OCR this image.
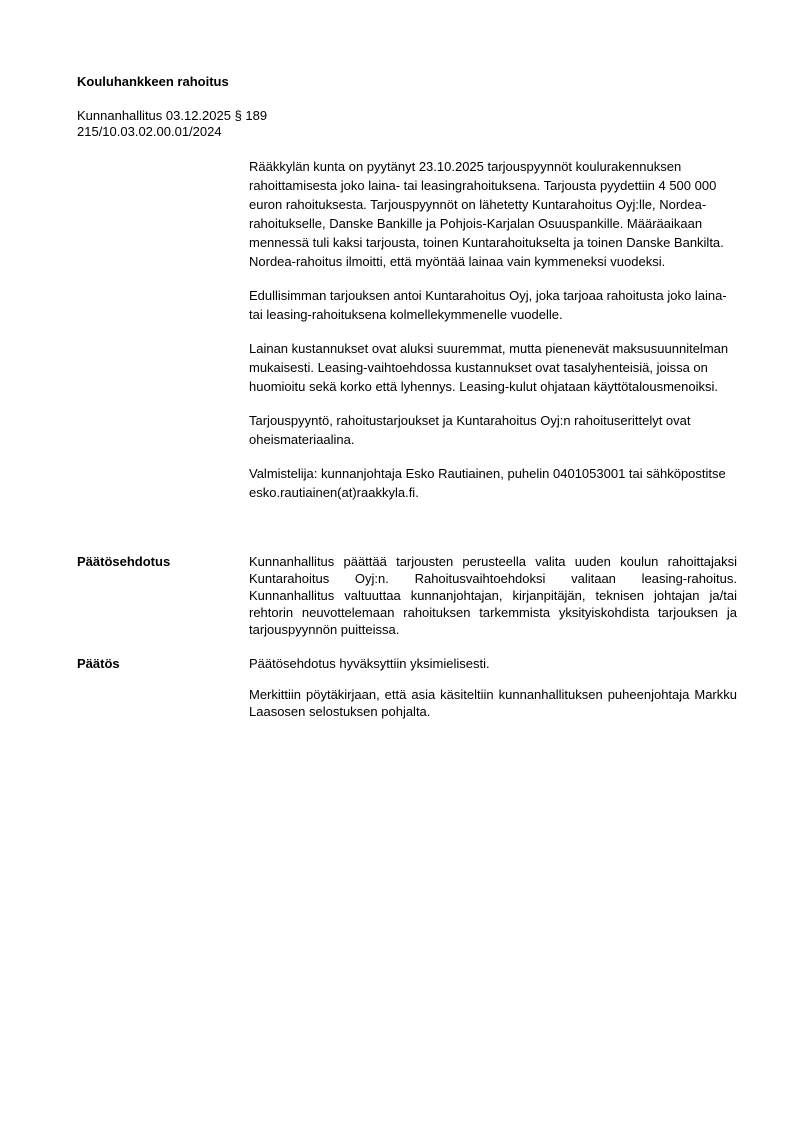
Kouluhankkeen rahoitus
Kunnanhallitus 03.12.2025 § 189
215/10.03.02.00.01/2024

Rääkkylän kunta on pyytänyt 23.10.2025 tarjouspyynnöt koulurakennuksen rahoittamisesta joko laina- tai leasingrahoituksena. Tarjousta pyydettiin 4 500 000 euron rahoituksesta. Tarjouspyynnöt on lähetetty Kuntarahoitus Oyj:lle, Nordea-rahoitukselle, Danske Bankille ja Pohjois-Karjalan Osuuspankille. Määräaikaan mennessä tuli kaksi tarjousta, toinen Kuntarahoitukselta ja toinen Danske Bankilta. Nordea-rahoitus ilmoitti, että myöntää lainaa vain kymmeneksi vuodeksi.

Edullisimman tarjouksen antoi Kuntarahoitus Oyj, joka tarjoaa rahoitusta joko laina- tai leasing-rahoituksena kolmellekymmenelle vuodelle.

Lainan kustannukset ovat aluksi suuremmat, mutta pienenevät maksusuunnitelman mukaisesti. Leasing-vaihtoehdossa kustannukset ovat tasalyhenteisiä, joissa on huomioitu sekä korko että lyhennys. Leasing-kulut ohjataan käyttötalousmenoiksi.

Tarjouspyyntö, rahoitustarjoukset ja Kuntarahoitus Oyj:n rahoituserittelyt ovat oheismateriaalina.

Valmistelija: kunnanjohtaja Esko Rautiainen, puhelin 0401053001 tai sähköpostitse esko.rautiainen(at)raakkyla.fi.

Päätösehdotus	Kunnanhallitus päättää tarjousten perusteella valita uuden koulun rahoittajaksi Kuntarahoitus Oyj:n. Rahoitusvaihtoehdoksi valitaan leasing-rahoitus. Kunnanhallitus valtuuttaa kunnanjohtajan, kirjanpitäjän, teknisen johtajan ja/tai rehtorin neuvottelemaan rahoituksen tarkemmista yksityiskohdista tarjouksen ja tarjouspyynnön puitteissa.

Päätös	Päätösehdotus hyväksyttiin yksimielisesti.

Merkittiin pöytäkirjaan, että asia käsiteltiin kunnanhallituksen puheenjohtaja Markku Laasosen selostuksen pohjalta.
